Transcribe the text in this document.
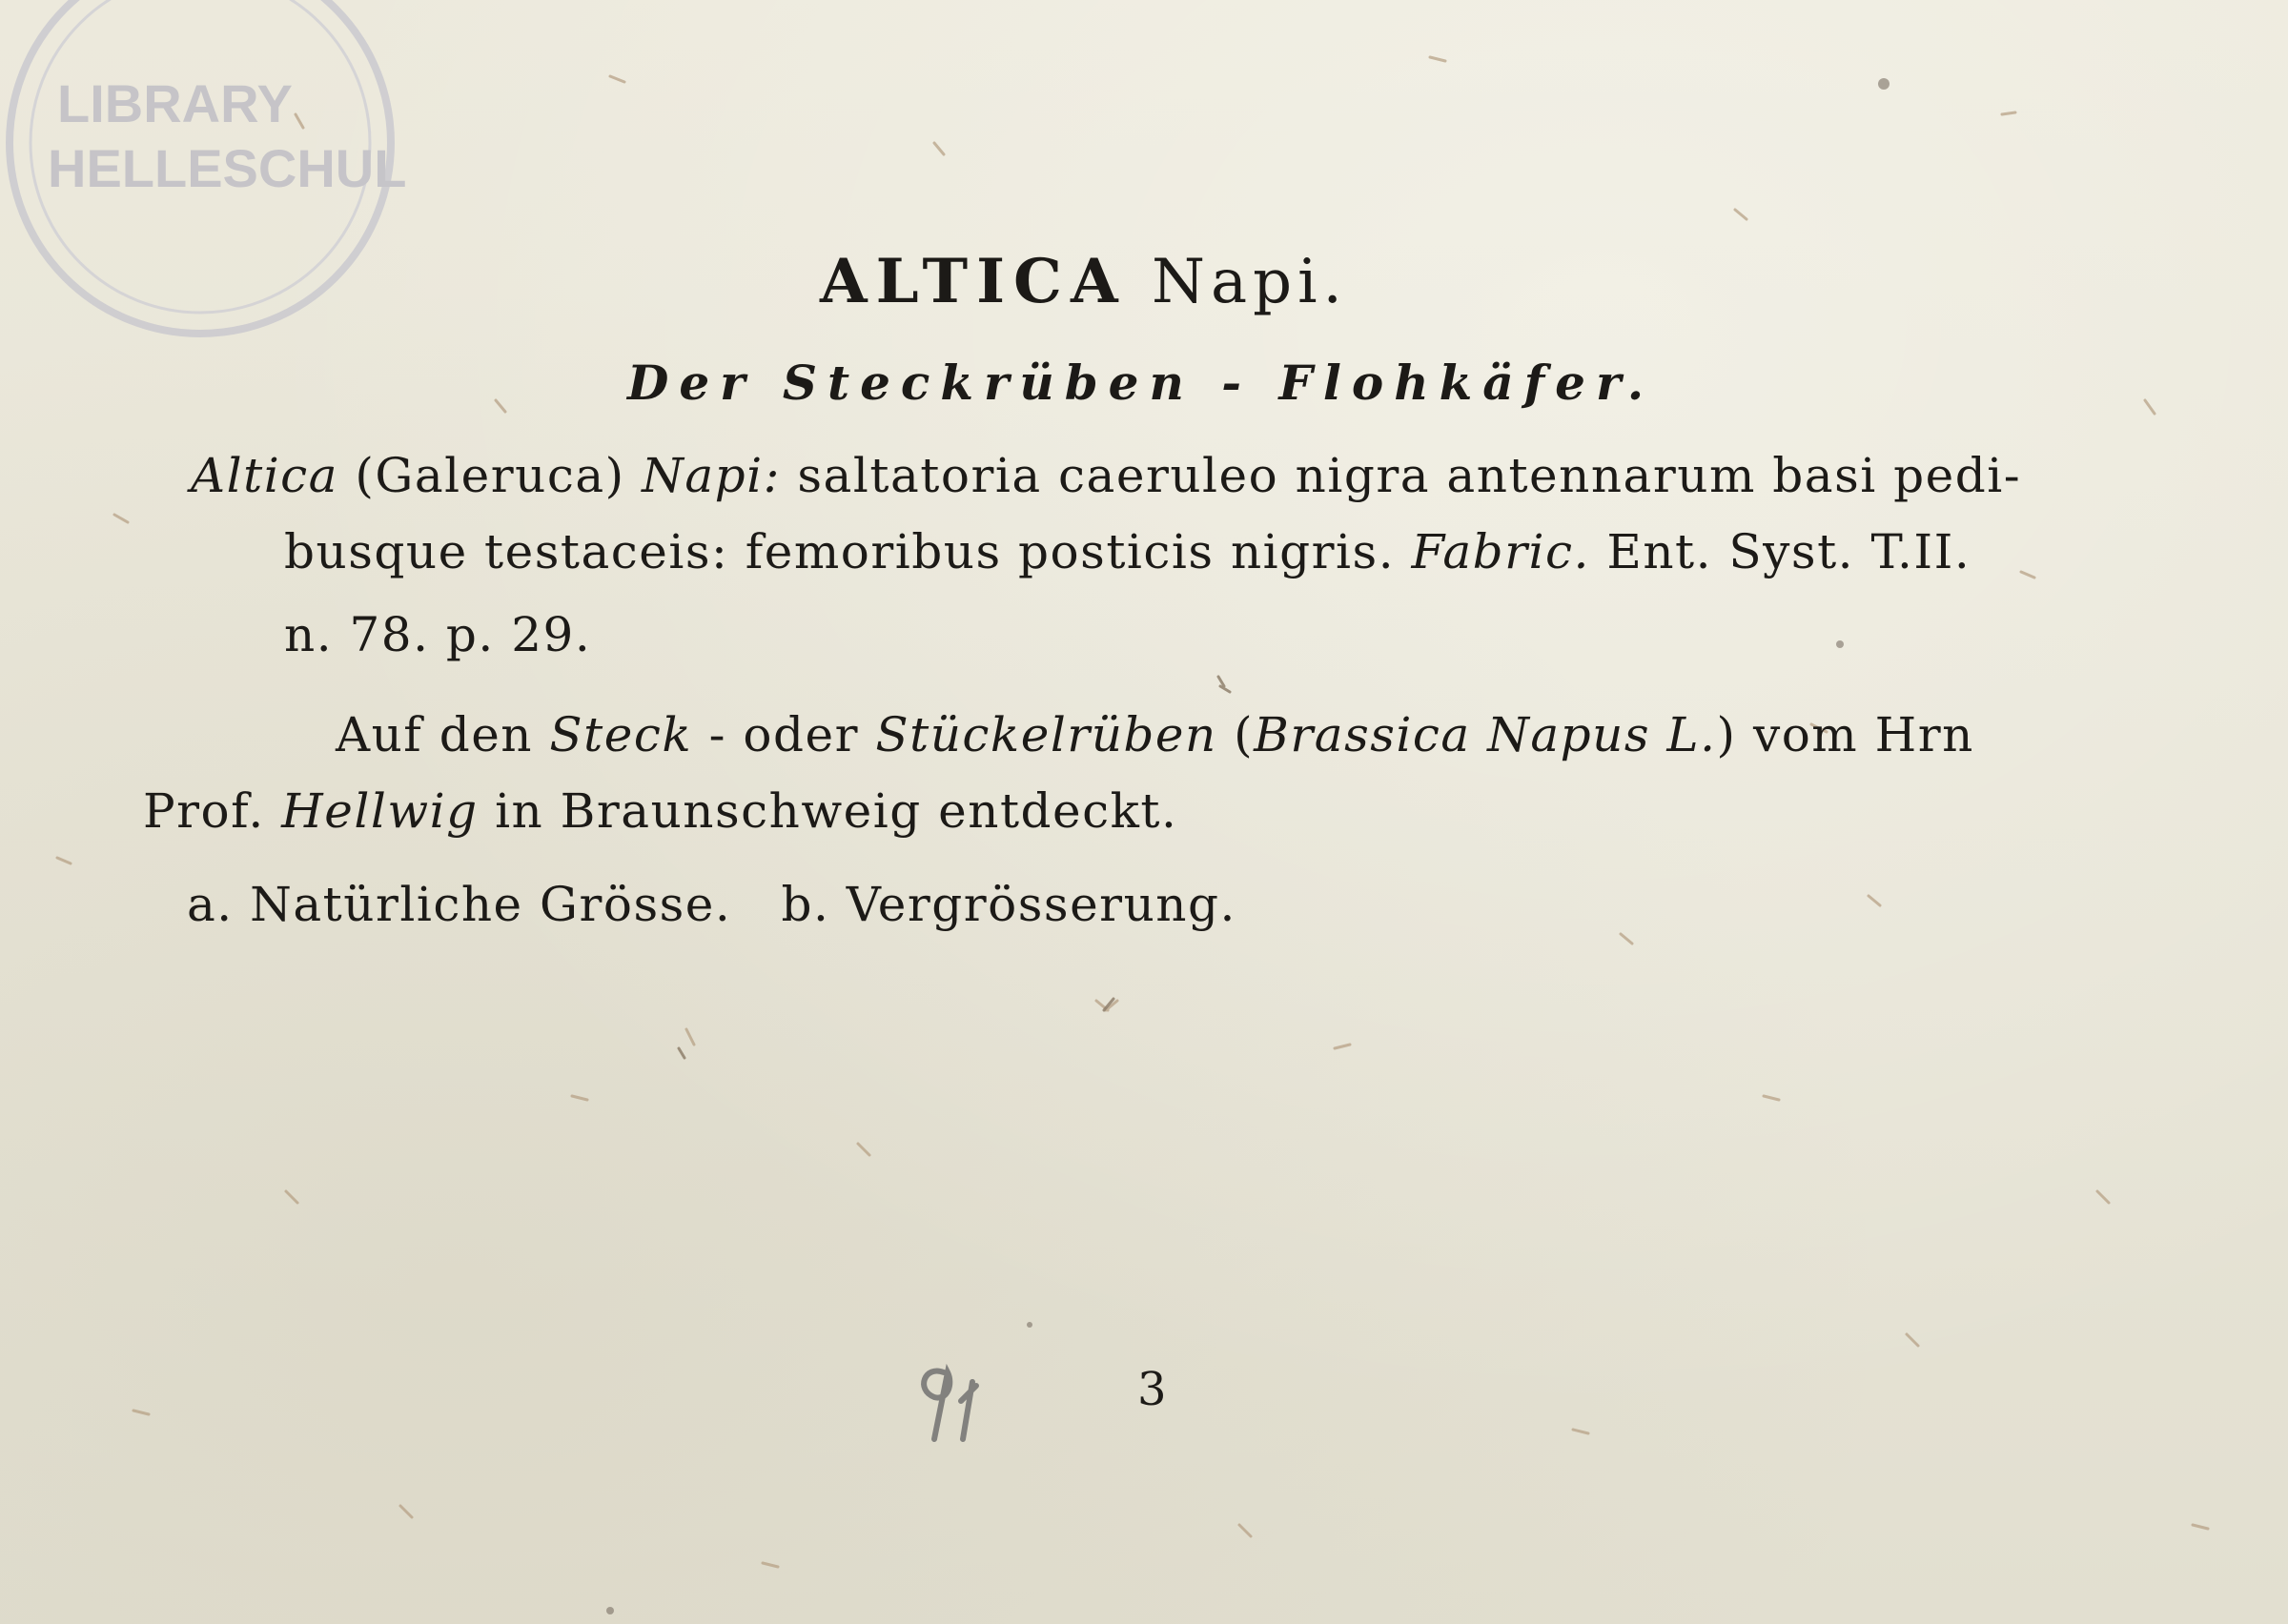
LIBRARY
HELLESCHUL
ALTICA Napi.
Der Steckrüben - Flohkäfer.
Altica (Galeruca) Napi: saltatoria caeruleo nigra antennarum basi pedi-
busque testaceis: femoribus posticis nigris. Fabric. Ent. Syst. T.II.
n. 78. p. 29.
Auf den Steck - oder Stückelrüben (Brassica Napus L.) vom Hrn
Prof. Hellwig in Braunschweig entdeckt.
a. Natürliche Grösse.   b. Vergrösserung.
3
